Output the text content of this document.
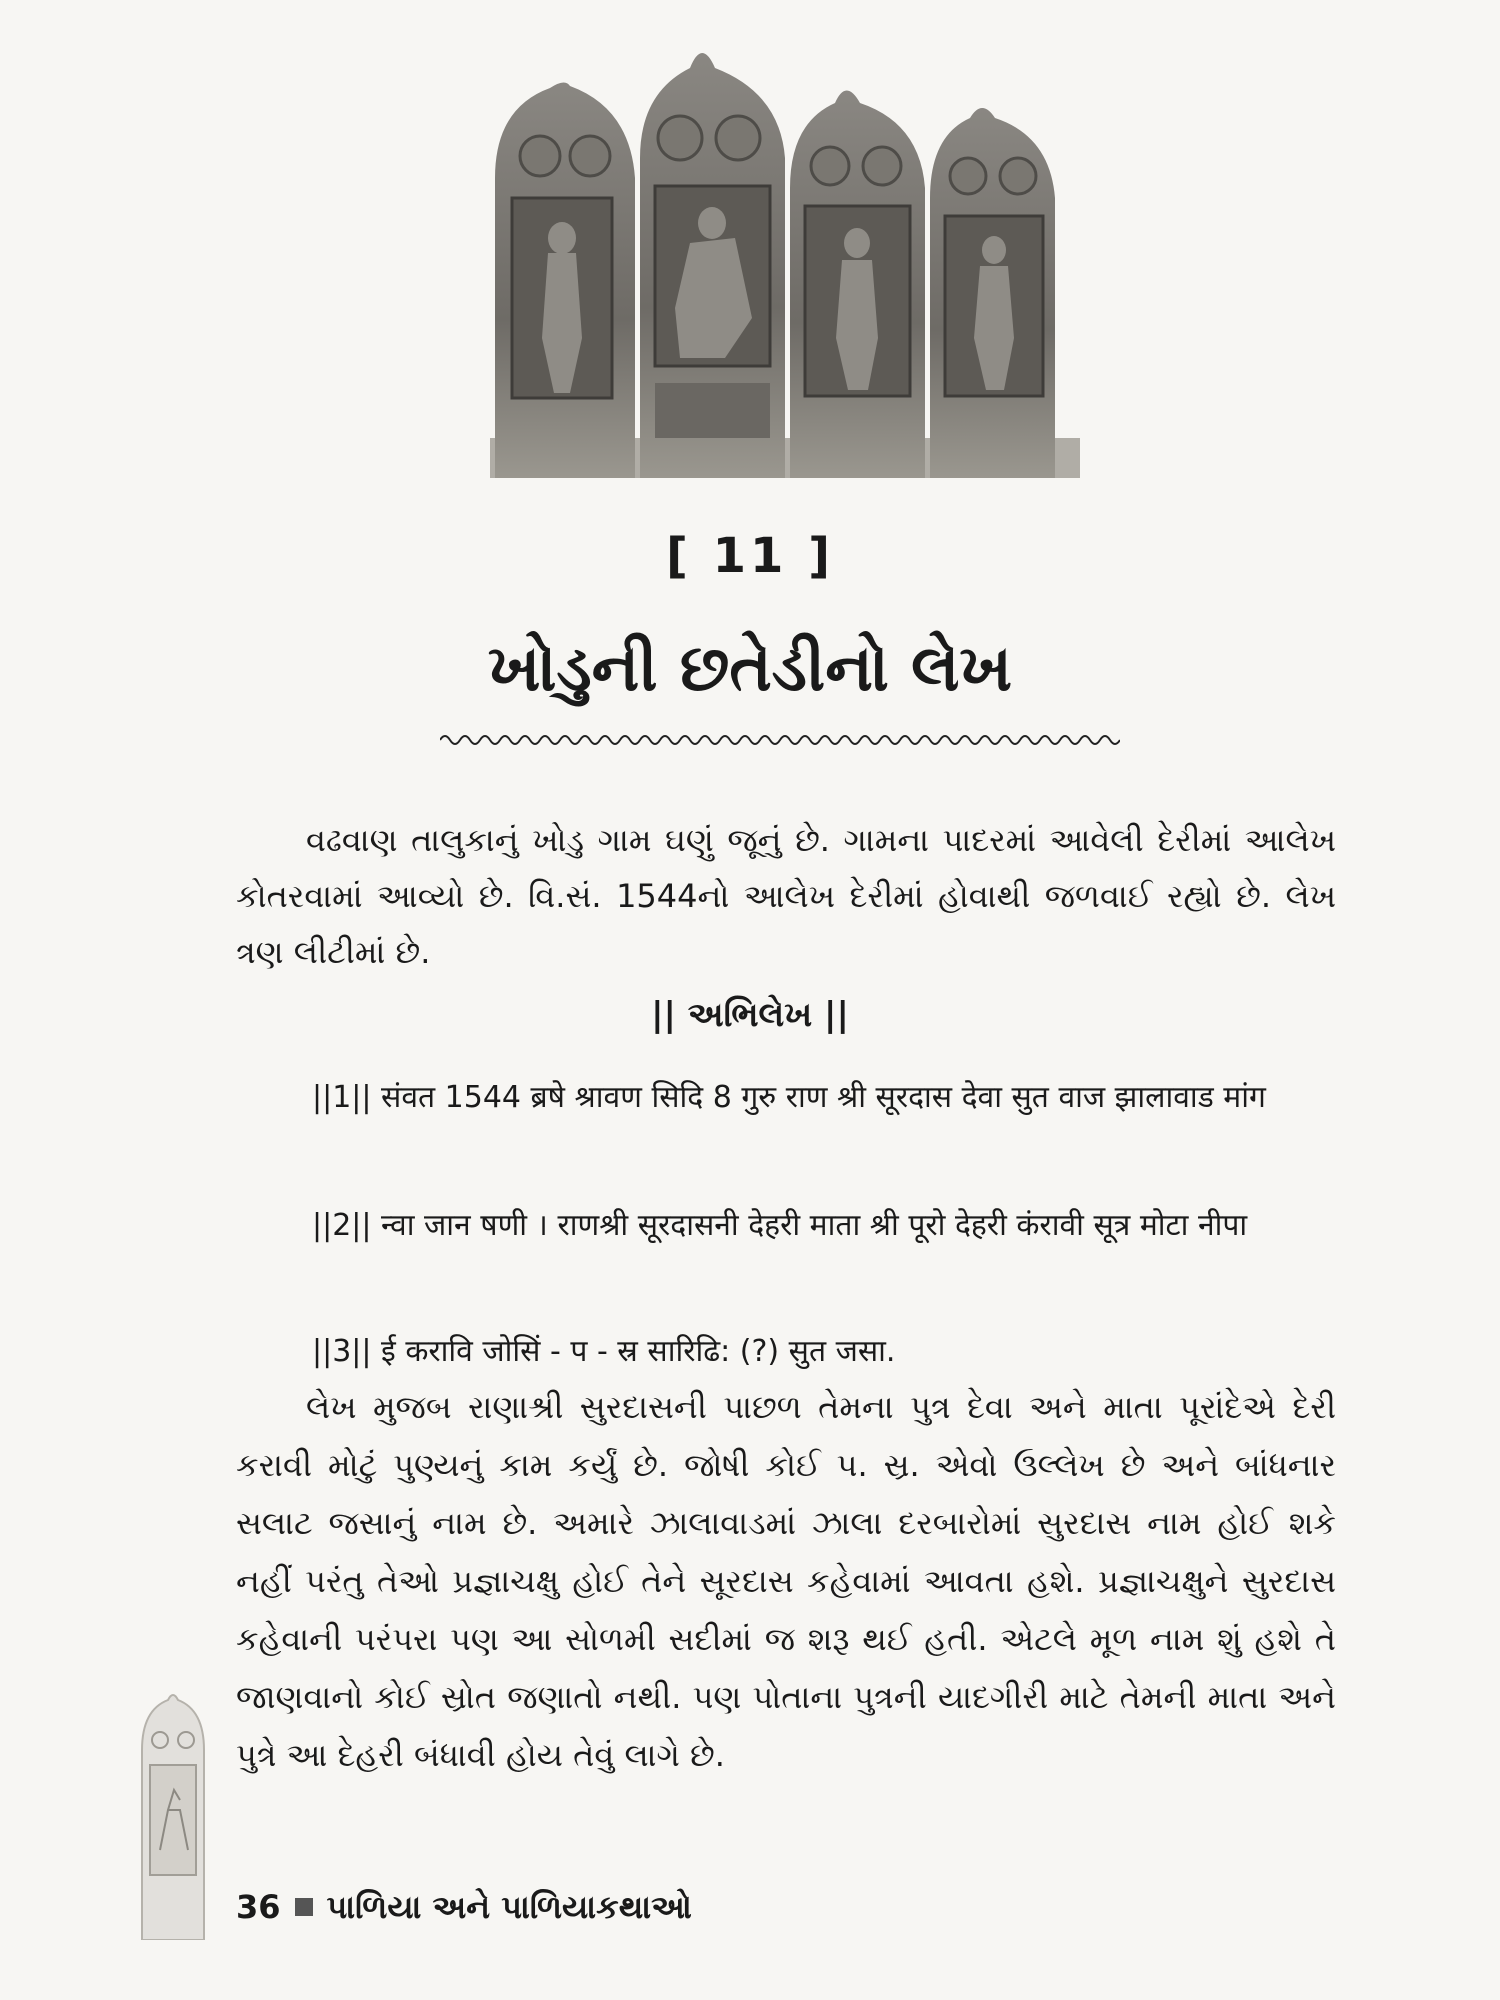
[ 11 ]
ખોડુની છતેડીનો લેખ

વઢવાણ તાલુકાનું ખોડુ ગામ ઘણું જૂનું છે. ગામના પાદરમાં આવેલી દેરીમાં આલેખ કોતરવામાં આવ્યો છે. વિ.સં. 1544નો આલેખ દેરીમાં હોવાથી જળવાઈ રહ્યો છે. લેખ ત્રણ લીટીમાં છે.

|| અભિલેખ ||

||1|| संवत 1544 ब्रषे श्रावण सिदि 8 गुरु राण श्री सूरदास देवा सुत वाज झालावाड मांग

||2|| न्वा जान षणी । राणश्री सूरदासनी देहरी माता श्री पूरो देहरी कंरावी सूत्र मोटा नीपा

||3|| ई करावि जोसिं - प - स्र सारिढि: (?) सुत जसा.

લેખ મુજબ રાણાશ્રી સુરદાસની પાછળ તેમના પુત્ર દેવા અને માતા પૂરાંદેએ દેરી કરાવી મોટું પુણ્યનું કામ કર્યું છે. જોષી કોઈ પ. સ્ર. એવો ઉલ્લેખ છે અને બાંધનાર સલાટ જસાનું નામ છે. અમારે ઝાલાવાડમાં ઝાલા દરબારોમાં સુરદાસ નામ હોઈ શકે નહીં પરંતુ તેઓ પ્રજ્ઞાચક્ષુ હોઈ તેને સૂરદાસ કહેવામાં આવતા હશે. પ્રજ્ઞાચક્ષુને સુરદાસ કહેવાની પરંપરા પણ આ સોળમી સદીમાં જ શરૂ થઈ હતી. એટલે મૂળ નામ શું હશે તે જાણવાનો કોઈ સ્રોત જણાતો નથી. પણ પોતાના પુત્રની યાદગીરી માટે તેમની માતા અને પુત્રે આ દેહરી બંધાવી હોય તેવું લાગે છે.

36 પાળિયા અને પાળિયાકથાઓ
